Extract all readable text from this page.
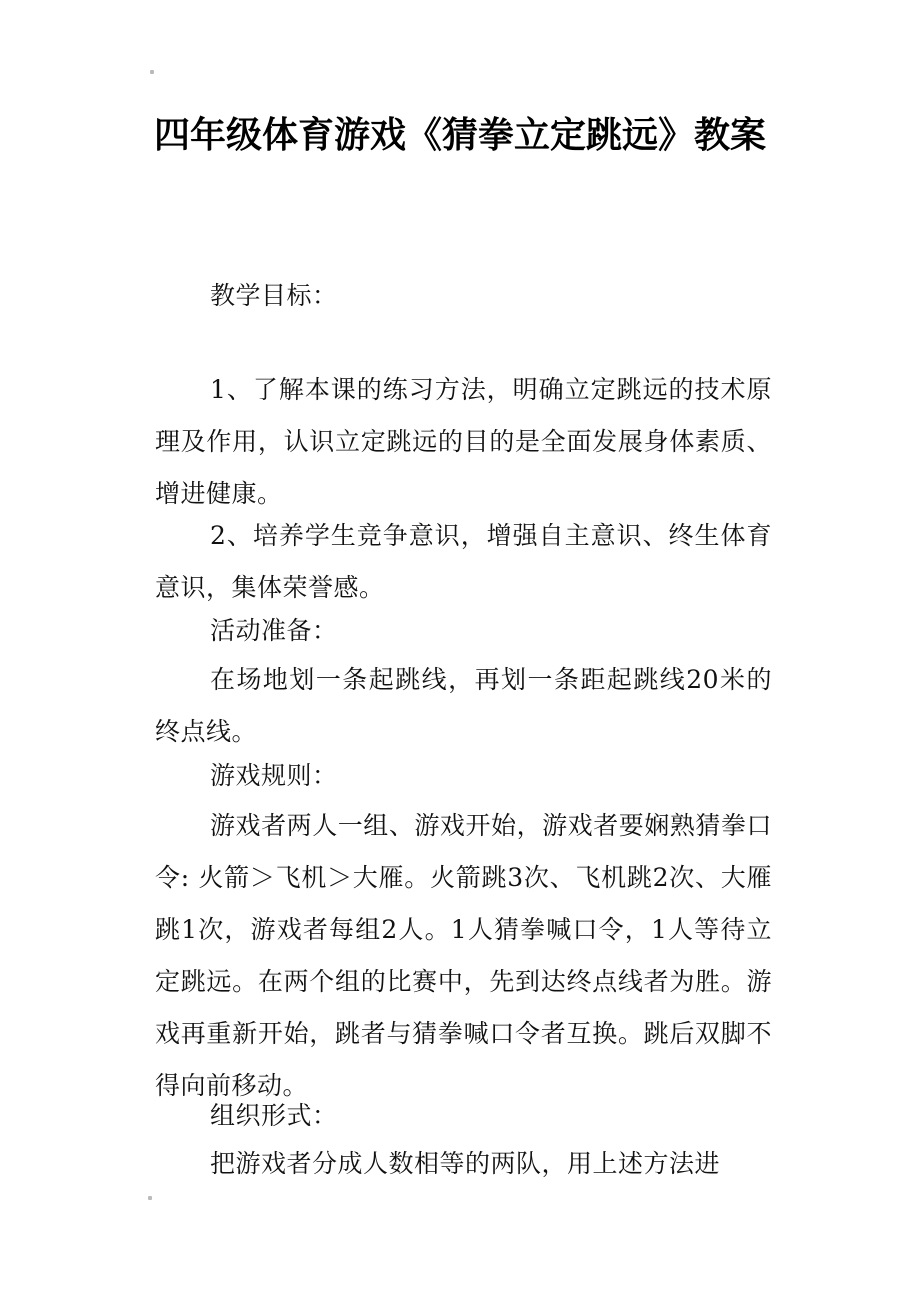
四年级体育游戏《猜拳立定跳远》教案

教学目标：

1、了解本课的练习方法，明确立定跳远的技术原理及作用，认识立定跳远的目的是全面发展身体素质、增进健康。

2、培养学生竞争意识，增强自主意识、终生体育意识，集体荣誉感。

活动准备：

在场地划一条起跳线，再划一条距起跳线20米的终点线。

游戏规则：

游戏者两人一组、游戏开始，游戏者要娴熟猜拳口令: 火箭＞飞机＞大雁。火箭跳3次、飞机跳2次、大雁跳1次，游戏者每组2人。1人猜拳喊口令，1人等待立定跳远。在两个组的比赛中，先到达终点线者为胜。游戏再重新开始，跳者与猜拳喊口令者互换。跳后双脚不得向前移动。

组织形式：

把游戏者分成人数相等的两队，用上述方法进
